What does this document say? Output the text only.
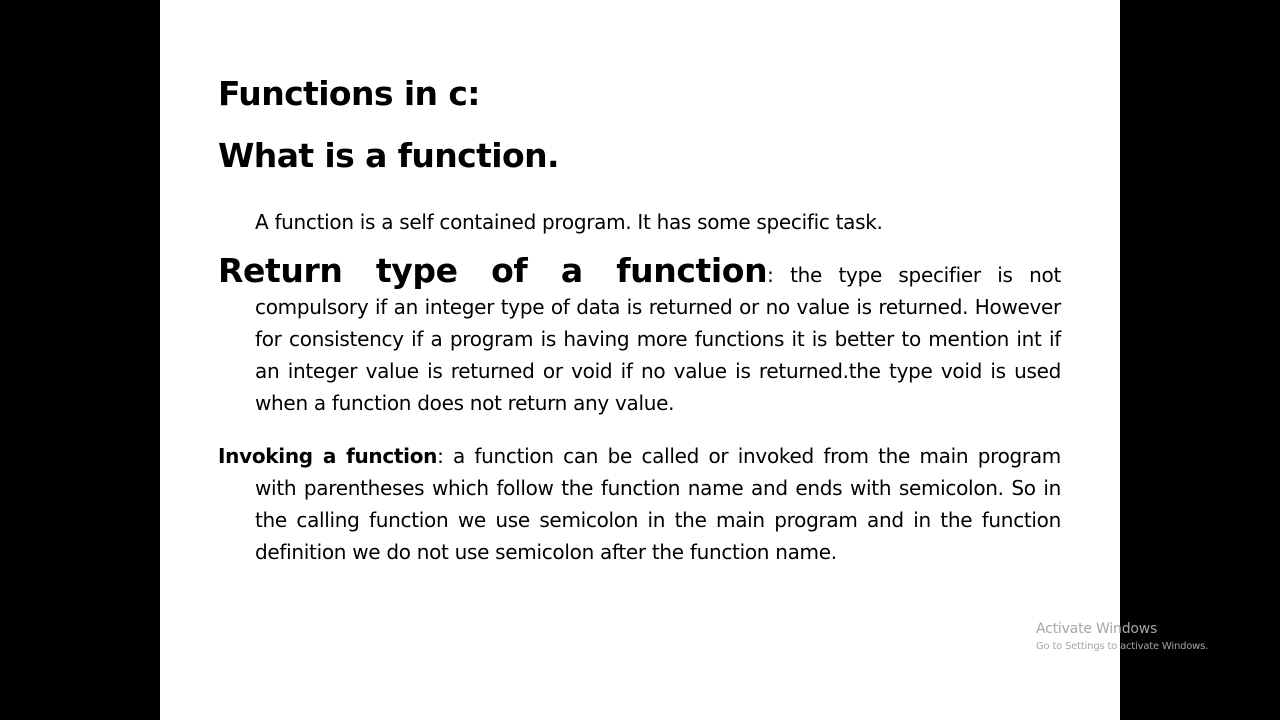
Functions in c:
What is a function.
A function is a self contained program. It has some specific task.
Return type of a function: the type specifier is not compulsory if an integer type of data is returned or no value is returned. However for consistency if a program is having more functions it is better to mention int if an integer value is returned or void if no value is returned.the type void is used when a function does not return any value.
Invoking a function: a function can be called or invoked from the main program with parentheses which follow the function name and ends with semicolon. So in the calling function we use semicolon in the main program and in the function definition we do not use semicolon after the function name.
Activate Windows
Go to Settings to activate Windows.
